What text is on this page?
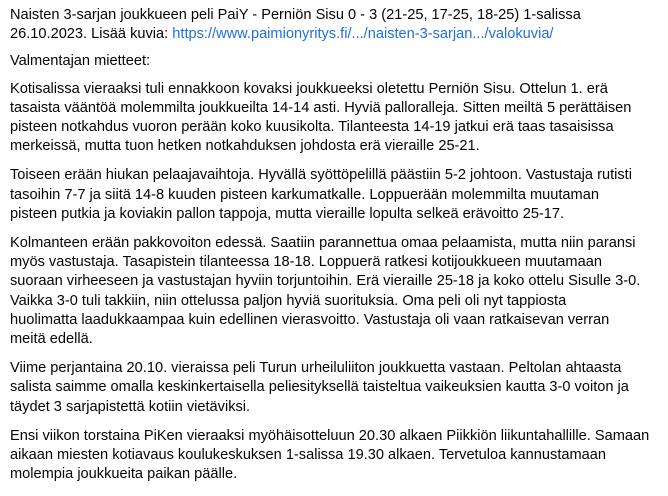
Naisten 3-sarjan joukkueen peli PaiY - Perniön Sisu 0 - 3 (21-25, 17-25, 18-25) 1-salissa
26.10.2023. Lisää kuvia: https://www.paimionyritys.fi/.../naisten-3-sarjan.../valokuvia/
Valmentajan mietteet:
Kotisalissa vieraaksi tuli ennakkoon kovaksi joukkueeksi oletettu Perniön Sisu. Ottelun 1. erä
tasaista vääntöä molemmilta joukkueilta 14-14 asti. Hyviä palloralleja. Sitten meiltä 5 perättäisen
pisteen notkahdus vuoron perään koko kuusikolta. Tilanteesta 14-19 jatkui erä taas tasaisissa
merkeissä, mutta tuon hetken notkahduksen johdosta erä vieraille 25-21.
Toiseen erään hiukan pelaajavaihtoja. Hyvällä syöttöpelillä päästiin 5-2 johtoon. Vastustaja rutisti
tasoihin 7-7 ja siitä 14-8 kuuden pisteen karkumatkalle. Loppuerään molemmilta muutaman
pisteen putkia ja koviakin pallon tappoja, mutta vieraille lopulta selkeä erävoitto 25-17.
Kolmanteen erään pakkovoiton edessä. Saatiin parannettua omaa pelaamista, mutta niin paransi
myös vastustaja. Tasapistein tilanteessa 18-18. Loppuerä ratkesi kotijoukkueen muutamaan
suoraan virheeseen ja vastustajan hyviin torjuntoihin. Erä vieraille 25-18 ja koko ottelu Sisulle 3-0.
Vaikka 3-0 tuli takkiin, niin ottelussa paljon hyviä suorituksia. Oma peli oli nyt tappiosta
huolimatta laadukkaampaa kuin edellinen vierasvoitto. Vastustaja oli vaan ratkaisevan verran
meitä edellä.
Viime perjantaina 20.10. vieraissa peli Turun urheiluliiton joukkuetta vastaan. Peltolan ahtaasta
salista saimme omalla keskinkertaisella peliesityksellä taisteltua vaikeuksien kautta 3-0 voiton ja
täydet 3 sarjapistettä kotiin vietäviksi.
Ensi viikon torstaina PiKen vieraaksi myöhäisotteluun 20.30 alkaen Piikkiön liikuntahallille. Samaan
aikaan miesten kotiavaus koulukeskuksen 1-salissa 19.30 alkaen. Tervetuloa kannustamaan
molempia joukkueita paikan päälle.
